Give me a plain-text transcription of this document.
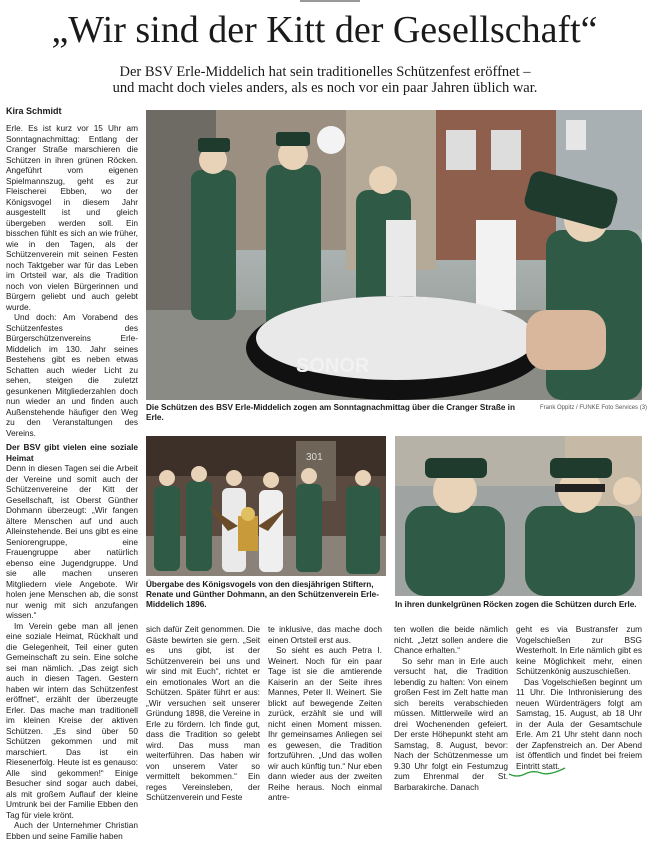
„Wir sind der Kitt der Gesellschaft“
Der BSV Erle-Middelich hat sein traditionelles Schützenfest eröffnet –
und macht doch vieles anders, als es noch vor ein paar Jahren üblich war.
Kira Schmidt

Erle. Es ist kurz vor 15 Uhr am Sonntagnachmittag: Entlang der Cranger Straße marschieren die Schützen in ihren grünen Röcken. Angeführt vom eigenen Spielmannszug, geht es zur Fleischerei Ebben, wo der Königsvogel in diesem Jahr ausgestellt ist und gleich übergeben werden soll. Ein bisschen fühlt es sich an wie früher, wie in den Tagen, als der Schützenverein mit seinen Festen noch Taktgeber war für das Leben im Ortsteil war, als die Tradition noch von vielen Bürgerinnen und Bürgern geliebt und auch gelebt wurde.

Und doch: Am Vorabend des Schützenfestes des Bürgerschützenvereins Erle-Middelich im 130. Jahr seines Bestehens gibt es neben etwas Schatten auch wieder Licht zu sehen, steigen die zuletzt gesunkenen Mitgliederzahlen doch nun wieder an und finden auch Außenstehende häufiger den Weg zu den Veranstaltungen des Vereins.

Der BSV gibt vielen eine soziale Heimat

Denn in diesen Tagen sei die Arbeit der Vereine und somit auch der Schützenvereine der Kitt der Gesellschaft, ist Oberst Günther Dohmann überzeugt: „Wir fangen ältere Menschen auf und auch Alleinstehende. Bei uns gibt es eine Seniorengruppe, eine Frauengruppe aber natürlich ebenso eine Jugendgruppe. Und sie alle machen unseren Mitgliedern viele Angebote. Wir holen jene Menschen ab, die sonst nur wenig mit sich anzufangen wissen.“

Im Verein gebe man all jenen eine soziale Heimat, Rückhalt und die Gelegenheit, Teil einer guten Gemeinschaft zu sein. Eine solche sei man nämlich. „Das zeigt sich auch in diesen Tagen. Gestern haben wir intern das Schützenfest eröffnet“, erzählt der überzeugte Erler. Das mache man traditionell im kleinen Kreise der aktiven Schützen. „Es sind über 50 Schützen gekommen und mit marschiert. Das ist ein Riesenerfolg. Heute ist es genauso: Alle sind gekommen!“ Einige Besucher sind sogar auch dabei, als mit großem Auflauf der kleine Umtrunk bei der Familie Ebben den Tag für viele krönt.

Auch der Unternehmer Christian Ebben und seine Familie haben

SONOR
Die Schützen des BSV Erle-Middelich zogen am Sonntagnachmittag über die Cranger Straße in Erle.
Frank Oppitz / FUNKE Foto Services (3)
301
Übergabe des Königsvogels von den diesjährigen Stiftern, Renate und Günther Dohmann, an den Schützenverein Erle-Middelich 1896.	In ihren dunkelgrünen Röcken zogen die Schützen durch Erle.

sich dafür Zeit genommen. Die Gäste bewirten sie gern. „Seit es uns gibt, ist der Schützenverein bei uns und wir sind mit Euch“, richtet er ein emotionales Wort an die Schützen. Später führt er aus: „Wir versuchen seit unserer Gründung 1898, die Vereine in Erle zu fördern. Ich finde gut, dass die Tradition so gelebt wird. Das muss man weiterführen. Das haben wir von unserem Vater so vermittelt bekommen.“ Ein reges Vereinsleben, der Schützenverein und Feste

te inklusive, das mache doch einen Ortsteil erst aus.

So sieht es auch Petra I. Weinert. Noch für ein paar Tage ist sie die amtierende Kaiserin an der Seite ihres Mannes, Peter II. Weinert. Sie blickt auf bewegende Zeiten zurück, erzählt sie und will nicht einen Moment missen. Ihr gemeinsames Anliegen sei es gewesen, die Tradition fortzuführen. „Und das wollen wir auch künftig tun.“ Nur eben dann wieder aus der zweiten Reihe heraus. Noch einmal antre-

ten wollen die beide nämlich nicht. „Jetzt sollen andere die Chance erhalten.“

So sehr man in Erle auch versucht hat, die Tradition lebendig zu halten: Von einem großen Fest im Zelt hatte man sich bereits verabschieden müssen. Mittlerweile wird an drei Wochenenden gefeiert. Der erste Höhepunkt steht am Samstag, 8. August, bevor: Nach der Schützenmesse um 9.30 Uhr folgt ein Festumzug zum Ehrenmal der St. Barbarakirche. Danach

geht es via Bustransfer zum Vogelschießen zur BSG Westerholt. In Erle nämlich gibt es keine Möglichkeit mehr, einen Schützenkönig auszuschießen.

Das Vogelschießen beginnt um 11 Uhr. Die Inthronisierung des neuen Würdenträgers folgt am Samstag, 15. August, ab 18 Uhr in der Aula der Gesamtschule Erle. Am 21 Uhr steht dann noch der Zapfenstreich an. Der Abend ist öffentlich und findet bei freiem Eintritt statt.
